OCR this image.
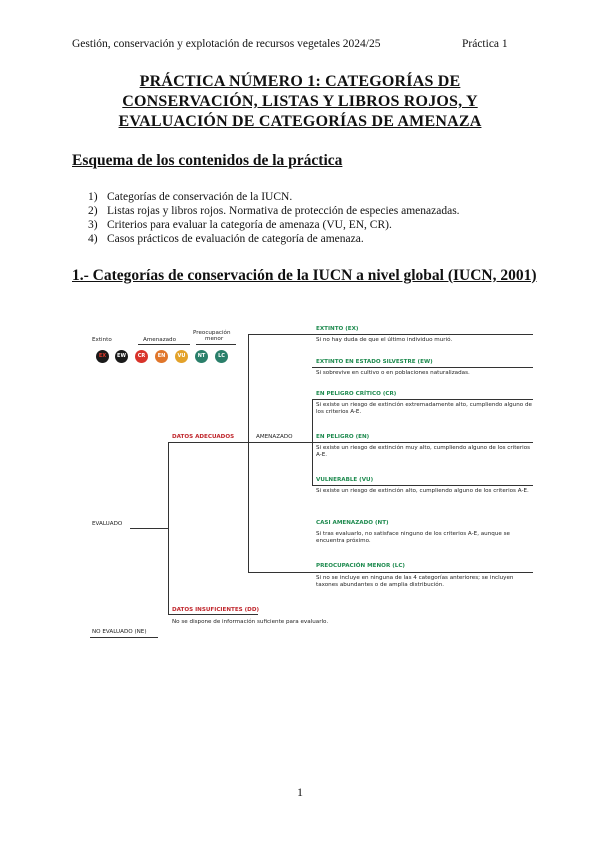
Gestión, conservación y explotación de recursos vegetales 2024/25	Práctica 1
PRÁCTICA NÚMERO 1: CATEGORÍAS DE
CONSERVACIÓN, LISTAS Y LIBROS ROJOS, Y
EVALUACIÓN DE CATEGORÍAS DE AMENAZA
Esquema de los contenidos de la práctica
1) Categorías de conservación de la IUCN.
2) Listas rojas y libros rojos. Normativa de protección de especies amenazadas.
3) Criterios para evaluar la categoría de amenaza (VU, EN, CR).
4) Casos prácticos de evaluación de categoría de amenaza.
1.- Categorías de conservación de la IUCN a nivel global (IUCN, 2001)
Extinto	Amenazado
Preocupación
menor
EX	EW	CR	EN	VU	NT	LC
EXTINTO (EX)
Si no hay duda de que el último individuo murió.
EXTINTO EN ESTADO SILVESTRE (EW)
Si sobrevive en cultivo o en poblaciones naturalizadas.
EN PELIGRO CRÍTICO (CR)
Si existe un riesgo de extinción extremadamente alto, cumpliendo alguno de los criterios A-E.
EN PELIGRO (EN)
Si existe un riesgo de extinción muy alto, cumpliendo alguno de los criterios A-E.
VULNERABLE (VU)
Si existe un riesgo de extinción alto, cumpliendo alguno de los criterios A-E.
CASI AMENAZADO (NT)
Si tras evaluarlo, no satisface ninguno de los criterios A-E, aunque se encuentra próximo.
PREOCUPACIÓN MENOR (LC)
Si no se incluye en ninguna de las 4 categorías anteriores; se incluyen taxones abundantes o de amplia distribución.
DATOS ADECUADOS	AMENAZADO
EVALUADO
DATOS INSUFICIENTES (DD)
No se dispone de información suficiente para evaluarlo.
NO EVALUADO (NE)
1
